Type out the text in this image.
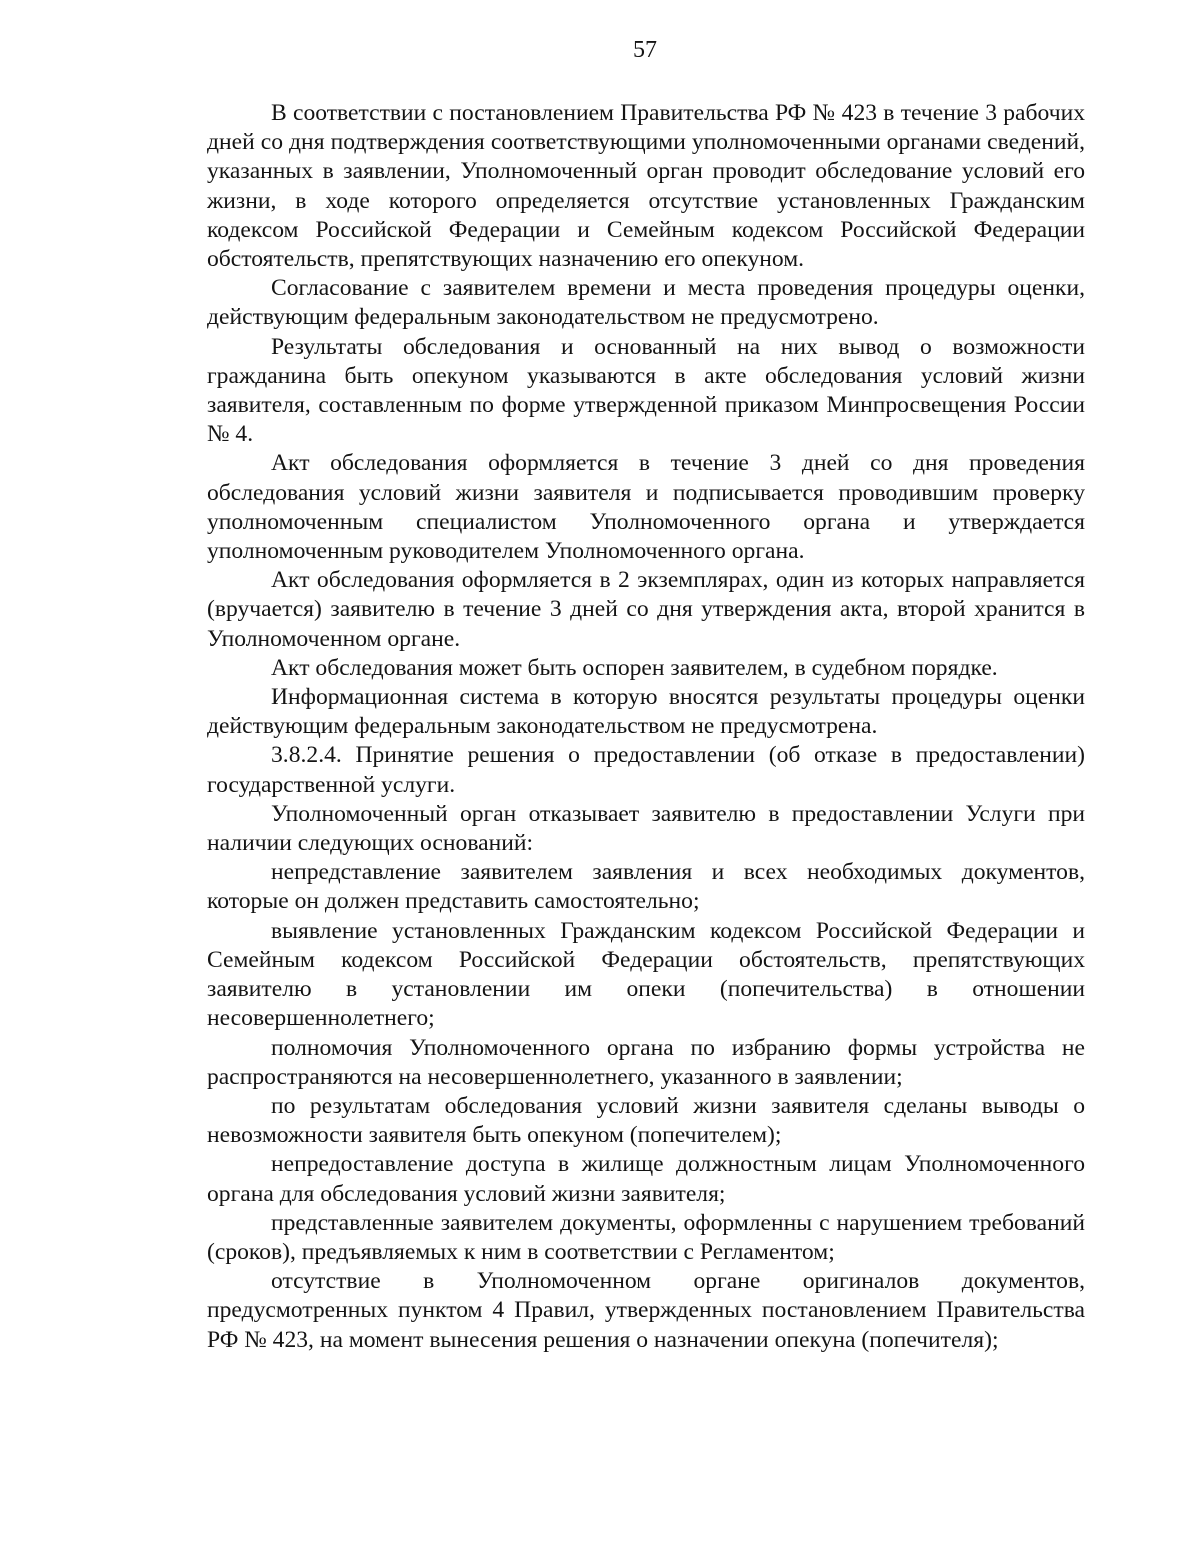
57

В соответствии с постановлением Правительства РФ № 423 в течение 3 рабочих дней со дня подтверждения соответствующими уполномоченными органами сведений, указанных в заявлении, Уполномоченный орган проводит обследование условий его жизни, в ходе которого определяется отсутствие установленных Гражданским кодексом Российской Федерации и Семейным кодексом Российской Федерации обстоятельств, препятствующих назначению его опекуном.

Согласование с заявителем времени и места проведения процедуры оценки, действующим федеральным законодательством не предусмотрено.

Результаты обследования и основанный на них вывод о возможности гражданина быть опекуном указываются в акте обследования условий жизни заявителя, составленным по форме утвержденной приказом Минпросвещения России № 4.

Акт обследования оформляется в течение 3 дней со дня проведения обследования условий жизни заявителя и подписывается проводившим проверку уполномоченным специалистом Уполномоченного органа и утверждается уполномоченным руководителем Уполномоченного органа.

Акт обследования оформляется в 2 экземплярах, один из которых направляется (вручается) заявителю в течение 3 дней со дня утверждения акта, второй хранится в Уполномоченном органе.

Акт обследования может быть оспорен заявителем, в судебном порядке.

Информационная система в которую вносятся результаты процедуры оценки действующим федеральным законодательством не предусмотрена.

3.8.2.4. Принятие решения о предоставлении (об отказе в предоставлении) государственной услуги.

Уполномоченный орган отказывает заявителю в предоставлении Услуги при наличии следующих оснований:

непредставление заявителем заявления и всех необходимых документов, которые он должен представить самостоятельно;

выявление установленных Гражданским кодексом Российской Федерации и Семейным кодексом Российской Федерации обстоятельств, препятствующих заявителю в установлении им опеки (попечительства) в отношении несовершеннолетнего;

полномочия Уполномоченного органа по избранию формы устройства не распространяются на несовершеннолетнего, указанного в заявлении;

по результатам обследования условий жизни заявителя сделаны выводы о невозможности заявителя быть опекуном (попечителем);

непредоставление доступа в жилище должностным лицам Уполномоченного органа для обследования условий жизни заявителя;

представленные заявителем документы, оформленны с нарушением требований (сроков), предъявляемых к ним в соответствии с Регламентом;

отсутствие в Уполномоченном органе оригиналов документов, предусмотренных пунктом 4 Правил, утвержденных постановлением Правительства РФ № 423, на момент вынесения решения о назначении опекуна (попечителя);
